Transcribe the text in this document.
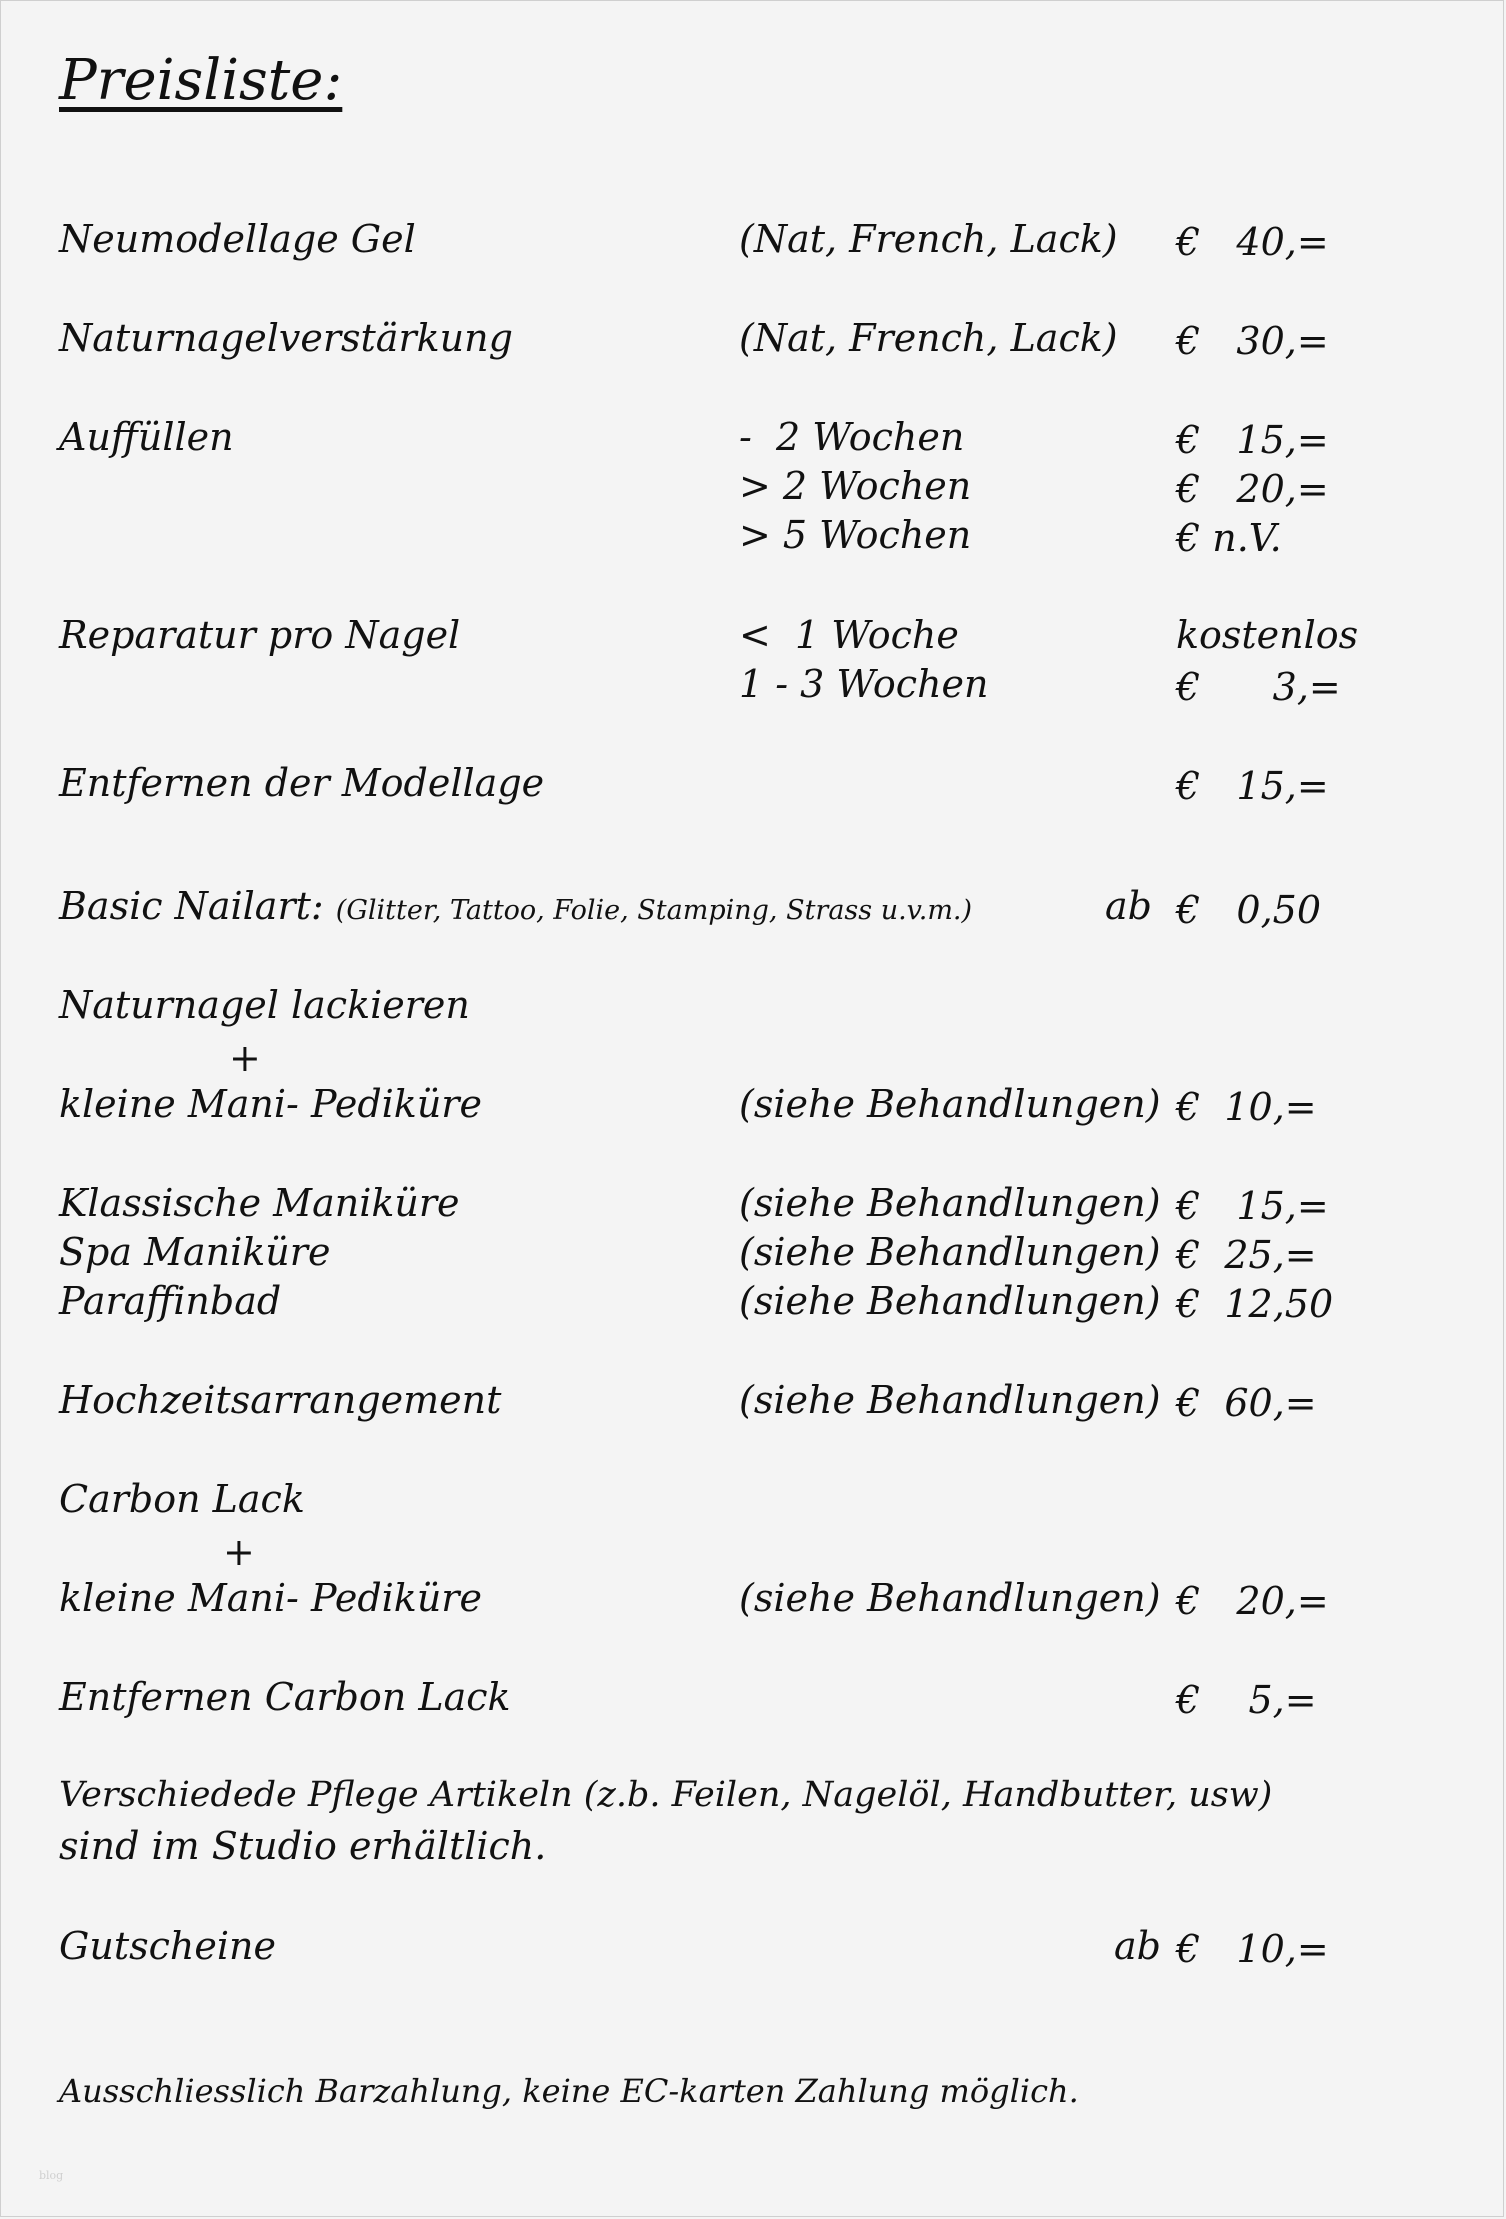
Preisliste:
Neumodellage Gel	(Nat, French, Lack) €   40,=
Naturnagelverstärkung	(Nat, French, Lack) €   30,=
Auffüllen	-  2 Wochen	€   15,=
> 2 Wochen	€   20,=
> 5 Wochen	€ n.V.
Reparatur pro Nagel	<  1 Woche	kostenlos
1 - 3 Wochen	€      3,=
Entfernen der Modellage	€   15,=
Basic Nailart: (Glitter, Tattoo, Folie, Stamping, Strass u.v.m.)	ab €   0,50
Naturnagel lackieren
+
kleine Mani- Pediküre	(siehe Behandlungen) €  10,=
Klassische Maniküre	(siehe Behandlungen) €   15,=
Spa Maniküre	(siehe Behandlungen) €  25,=
Paraffinbad	(siehe Behandlungen) €  12,50
Hochzeitsarrangement	(siehe Behandlungen) €  60,=
Carbon Lack
+
kleine Mani- Pediküre	(siehe Behandlungen) €   20,=
Entfernen Carbon Lack	€    5,=
Verschiedede Pflege Artikeln (z.b. Feilen, Nagelöl, Handbutter, usw)
sind im Studio erhältlich.
Gutscheine	ab €   10,=
Ausschliesslich Barzahlung, keine EC-karten Zahlung möglich.
blog
